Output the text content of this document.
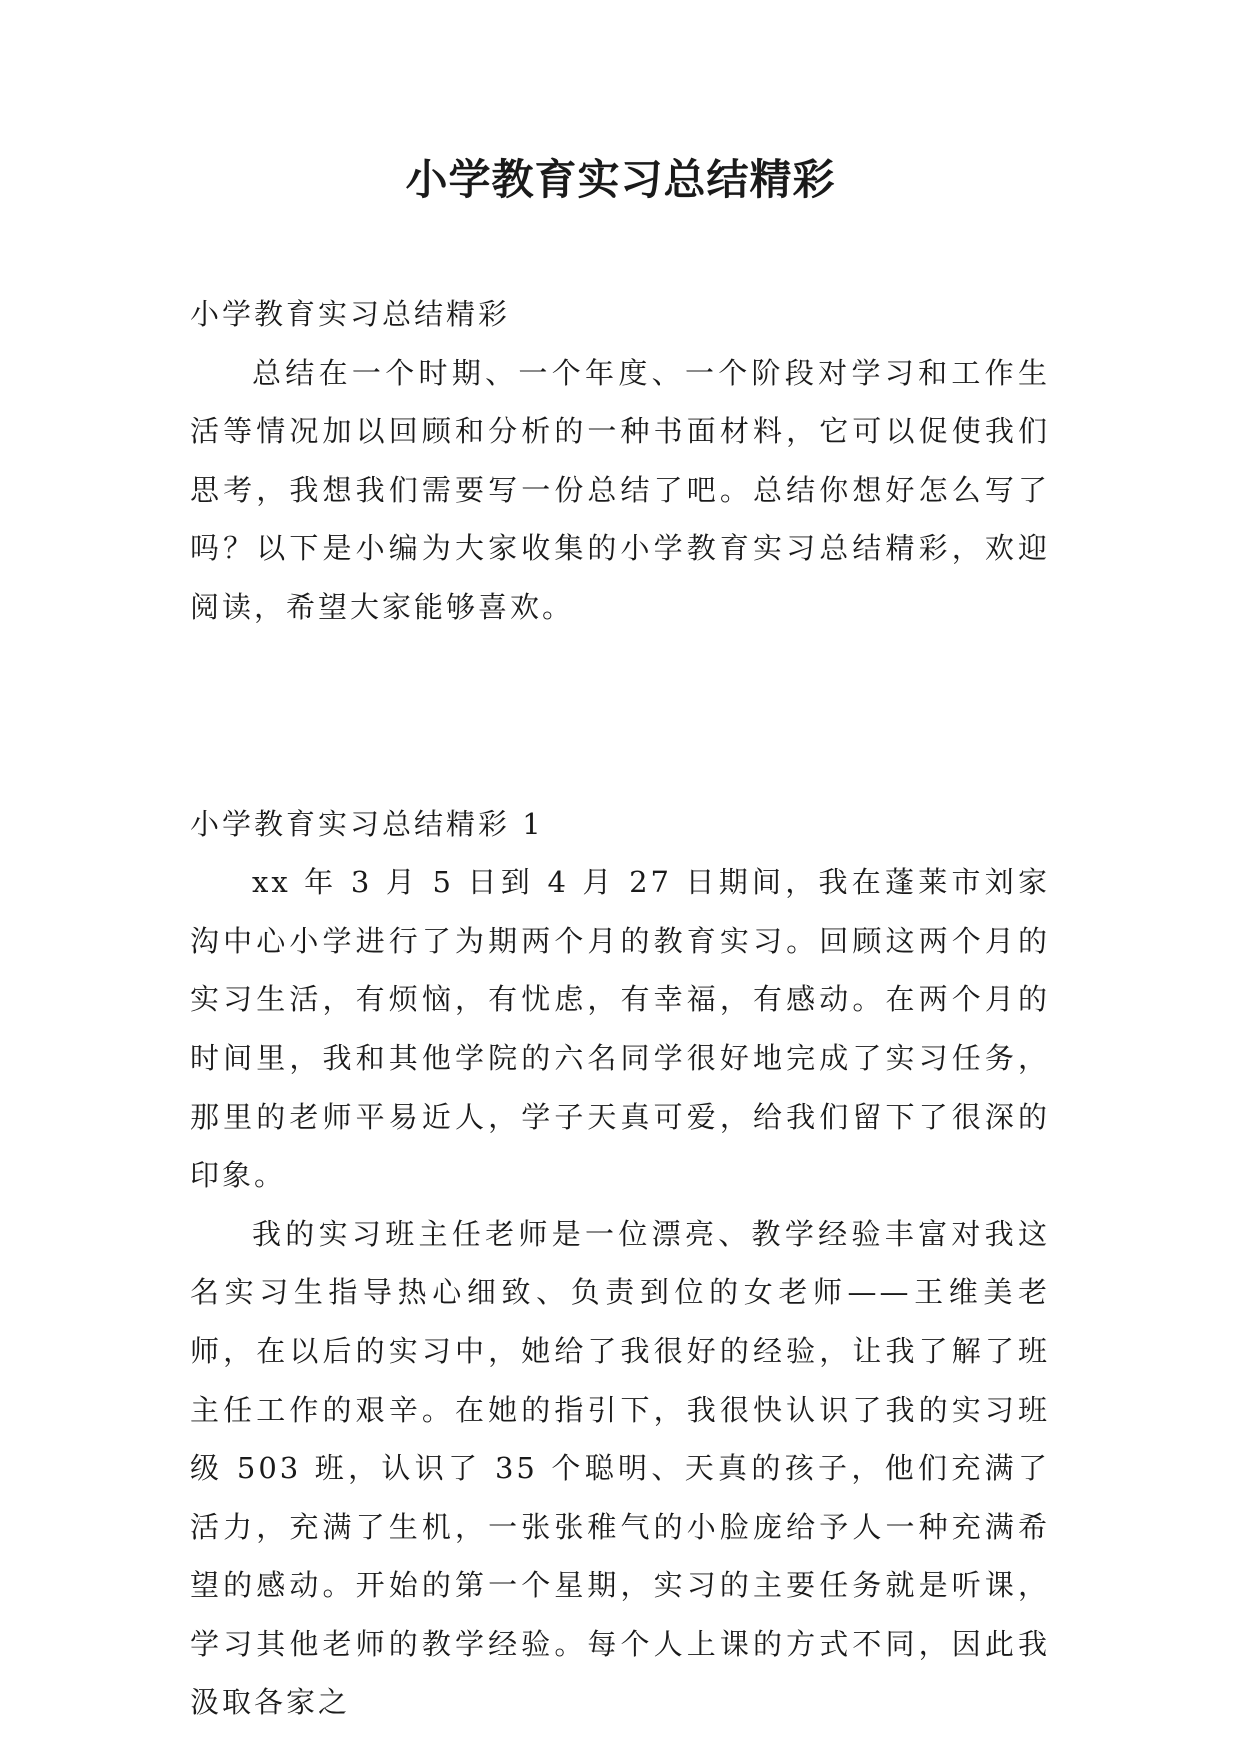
小学教育实习总结精彩
小学教育实习总结精彩

总结在一个时期、一个年度、一个阶段对学习和工作生活等情况加以回顾和分析的一种书面材料，它可以促使我们思考，我想我们需要写一份总结了吧。总结你想好怎么写了吗？以下是小编为大家收集的小学教育实习总结精彩，欢迎阅读，希望大家能够喜欢。

小学教育实习总结精彩 1

xx 年 3 月 5 日到 4 月 27 日期间，我在蓬莱市刘家沟中心小学进行了为期两个月的教育实习。回顾这两个月的实习生活，有烦恼，有忧虑，有幸福，有感动。在两个月的时间里，我和其他学院的六名同学很好地完成了实习任务，那里的老师平易近人，学子天真可爱，给我们留下了很深的印象。

我的实习班主任老师是一位漂亮、教学经验丰富对我这名实习生指导热心细致、负责到位的女老师——王维美老师，在以后的实习中，她给了我很好的经验，让我了解了班主任工作的艰辛。在她的指引下，我很快认识了我的实习班级 503 班，认识了 35 个聪明、天真的孩子，他们充满了活力，充满了生机，一张张稚气的小脸庞给予人一种充满希望的感动。开始的第一个星期，实习的主要任务就是听课，学习其他老师的教学经验。每个人上课的方式不同，因此我汲取各家之
